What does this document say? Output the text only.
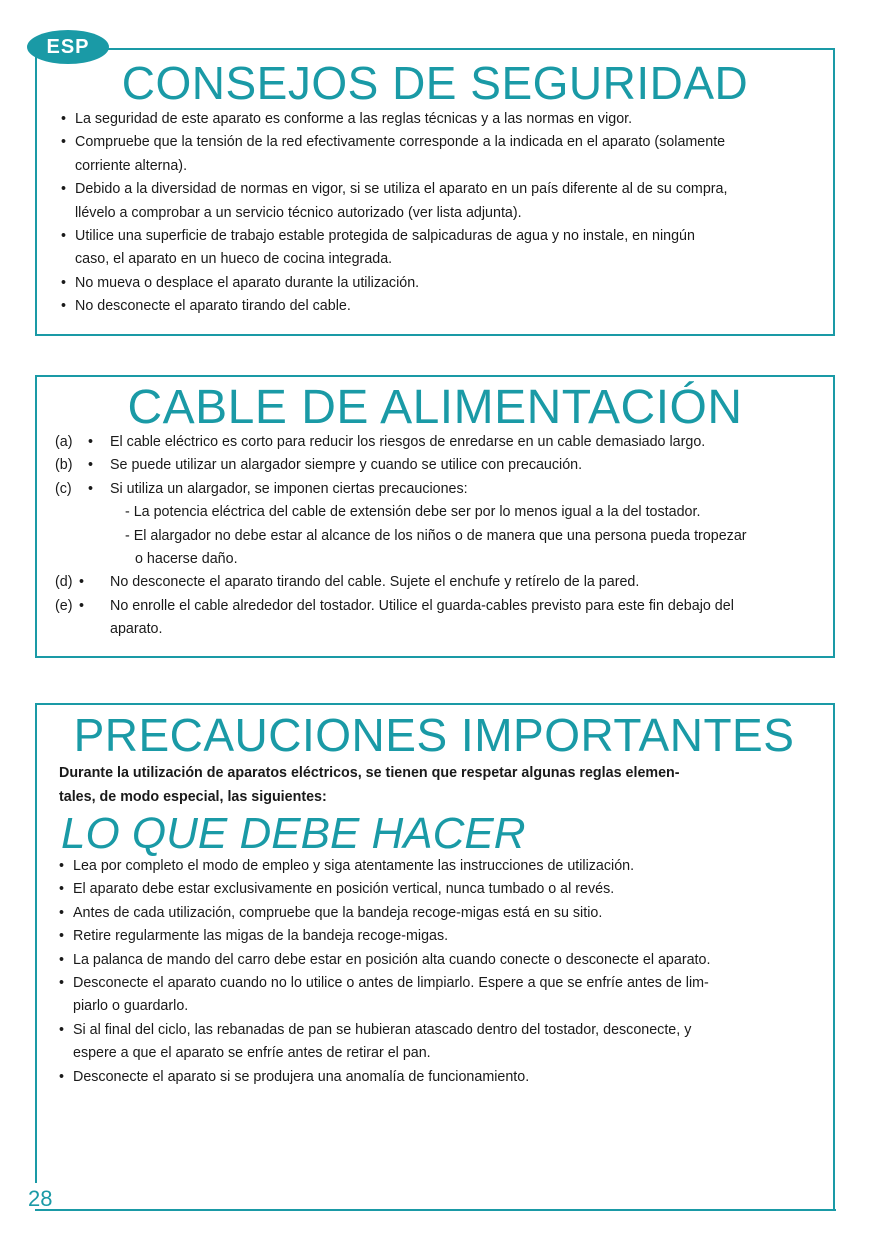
CONSEJOS DE SEGURIDAD
• La seguridad de este aparato es conforme a las reglas técnicas y a las normas en vigor.
• Compruebe que la tensión de la red efectivamente corresponde a la indicada en el aparato (solamente
corriente alterna).
• Debido a la diversidad de normas en vigor, si se utiliza el aparato en un país diferente al de su compra,
llévelo a comprobar a un servicio técnico autorizado (ver lista adjunta).
• Utilice una superficie de trabajo estable protegida de salpicaduras de agua y no instale, en ningún
caso, el aparato en un hueco de cocina integrada.
• No mueva o desplace el aparato durante la utilización.
• No desconecte el aparato tirando del cable.
ESP
CABLE DE ALIMENTACIÓN
(a) • El cable eléctrico es corto para reducir los riesgos de enredarse en un cable demasiado largo.
(b) • Se puede utilizar un alargador siempre y cuando se utilice con precaución.
(c) • Si utiliza un alargador, se imponen ciertas precauciones:
- La potencia eléctrica del cable de extensión debe ser por lo menos igual a la del tostador.
- El alargador no debe estar al alcance de los niños o de manera que una persona pueda tropezar
o hacerse daño.
(d) • No desconecte el aparato tirando del cable. Sujete el enchufe y retírelo de la pared.
(e) • No enrolle el cable alrededor del tostador. Utilice el guarda-cables previsto para este fin debajo del
aparato.
PRECAUCIONES IMPORTANTES

Durante la utilización de aparatos eléctricos, se tienen que respetar algunas reglas elemen-
tales, de modo especial, las siguientes:

LO QUE DEBE HACER
• Lea por completo el modo de empleo y siga atentamente las instrucciones de utilización.
• El aparato debe estar exclusivamente en posición vertical, nunca tumbado o al revés.
• Antes de cada utilización, compruebe que la bandeja recoge-migas está en su sitio.
• Retire regularmente las migas de la bandeja recoge-migas.
• La palanca de mando del carro debe estar en posición alta cuando conecte o desconecte el aparato.
• Desconecte el aparato cuando no lo utilice o antes de limpiarlo. Espere a que se enfríe antes de lim-
piarlo o guardarlo.
• Si al final del ciclo, las rebanadas de pan se hubieran atascado dentro del tostador, desconecte, y
espere a que el aparato se enfríe antes de retirar el pan.
• Desconecte el aparato si se produjera una anomalía de funcionamiento.
28
